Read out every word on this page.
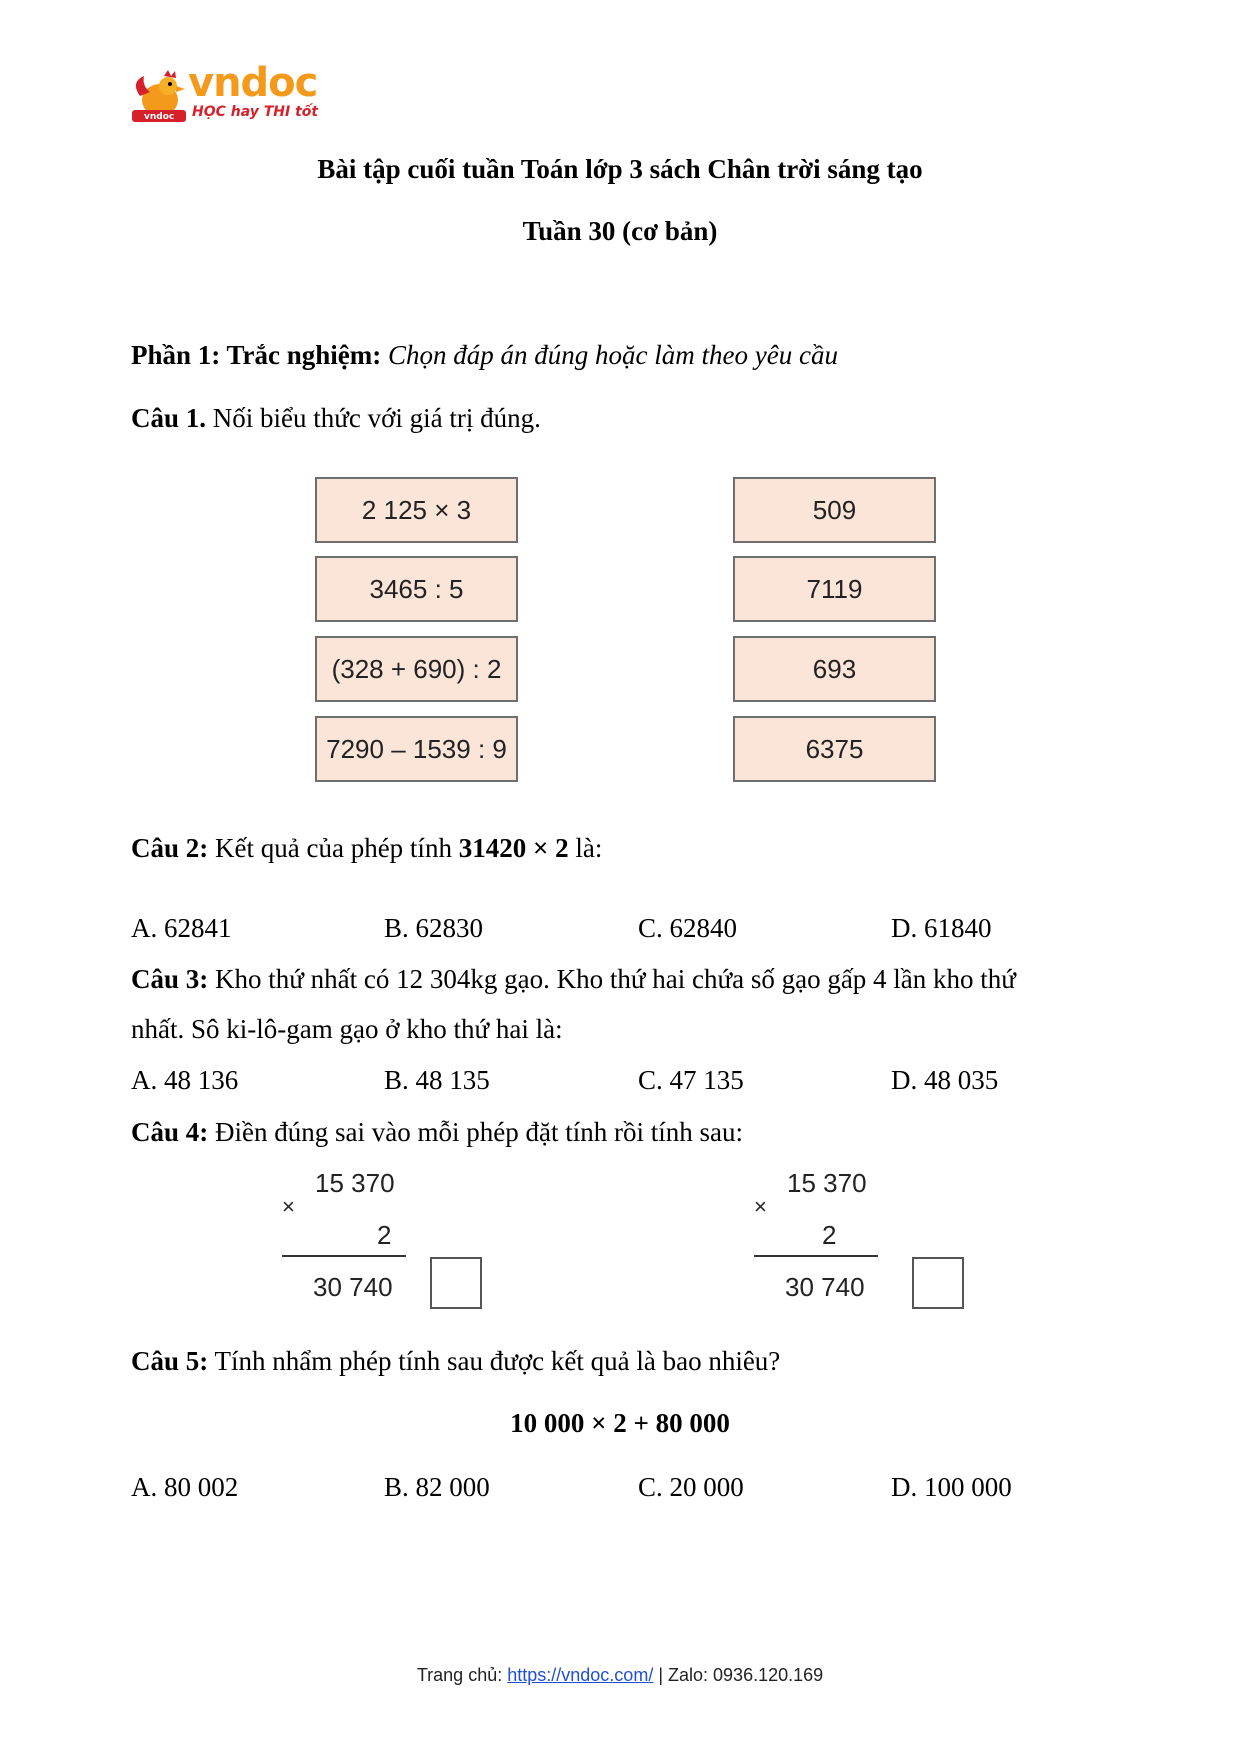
vndoc
vndoc
HỌC hay THI tốt
Bài tập cuối tuần Toán lớp 3 sách Chân trời sáng tạo
Tuần 30 (cơ bản)
Phần 1: Trắc nghiệm: Chọn đáp án đúng hoặc làm theo yêu cầu
Câu 1. Nối biểu thức với giá trị đúng.
2 125 × 3
3465 : 5
(328 + 690) : 2
7290 – 1539 : 9
509
7119
693
6375
Câu 2: Kết quả của phép tính 31420 × 2 là:
A. 62841	B. 62830	C. 62840	D. 61840
Câu 3: Kho thứ nhất có 12 304kg gạo. Kho thứ hai chứa số gạo gấp 4 lần kho thứ
nhất. Sô ki-lô-gam gạo ở kho thứ hai là:
A. 48 136	B. 48 135	C. 47 135	D. 48 035
Câu 4: Điền đúng sai vào mỗi phép đặt tính rồi tính sau:
×
15 370
2
30 740
×
15 370
2
30 740
Câu 5: Tính nhẩm phép tính sau được kết quả là bao nhiêu?
10 000 × 2 + 80 000
A. 80 002	B. 82 000	C. 20 000	D. 100 000
Trang chủ: https://vndoc.com/ | Zalo: 0936.120.169
